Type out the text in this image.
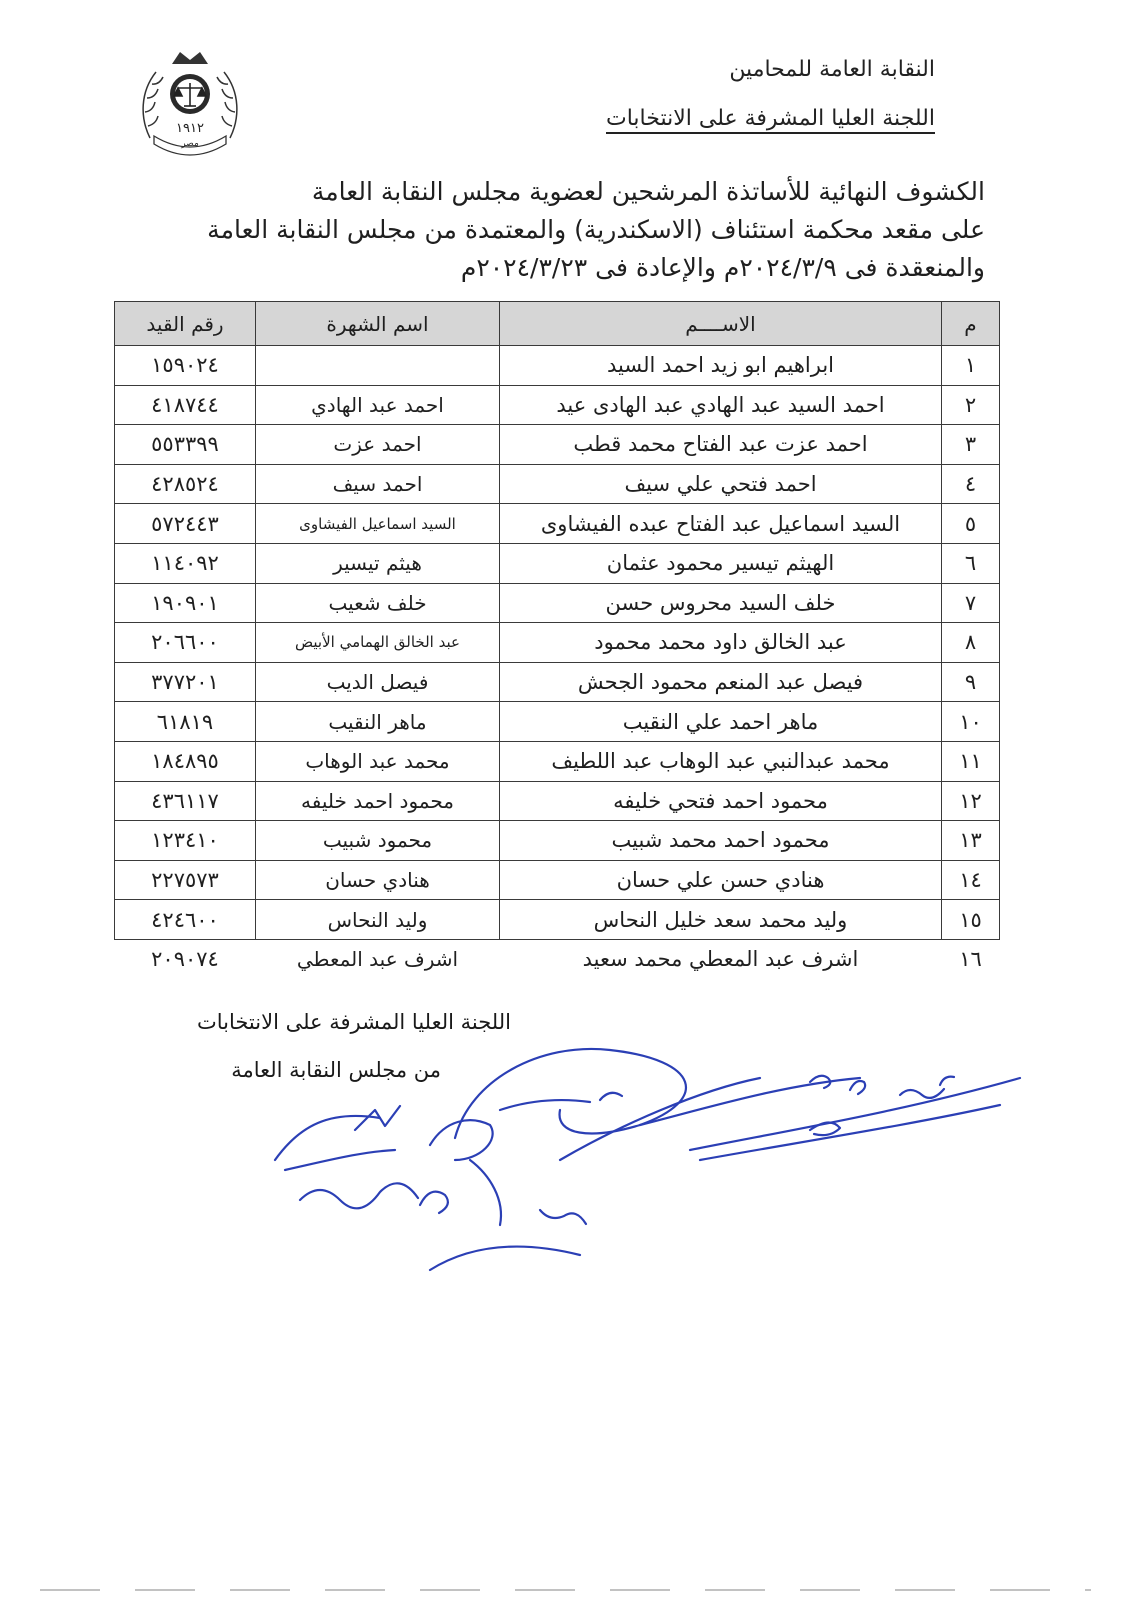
١٩١٢
مصر
النقابة العامة للمحامين
اللجنة العليا المشرفة على الانتخابات
الكشوف النهائية للأساتذة المرشحين لعضوية مجلس النقابة العامة
على مقعد محكمة استئناف (الاسكندرية) والمعتمدة من مجلس النقابة العامة
والمنعقدة فى ٢٠٢٤/٣/٩م والإعادة فى ٢٠٢٤/٣/٢٣م
م	الاســــم	اسم الشهرة	رقم القيد
١	ابراهيم ابو زيد احمد السيد		١٥٩٠٢٤
٢	احمد السيد عبد الهادي عبد الهادى عيد	احمد عبد الهادي	٤١٨٧٤٤
٣	احمد عزت عبد الفتاح محمد قطب	احمد عزت	٥٥٣٣٩٩
٤	احمد فتحي علي سيف	احمد سيف	٤٢٨٥٢٤
٥	السيد اسماعيل عبد الفتاح عبده الفيشاوى	السيد اسماعيل الفيشاوى	٥٧٢٤٤٣
٦	الهيثم تيسير محمود عثمان	هيثم تيسير	١١٤٠٩٢
٧	خلف السيد محروس حسن	خلف شعيب	١٩٠٩٠١
٨	عبد الخالق داود محمد محمود	عبد الخالق الهمامي الأبيض	٢٠٦٦٠٠
٩	فيصل عبد المنعم محمود الجحش	فيصل الديب	٣٧٧٢٠١
١٠	ماهر احمد علي النقيب	ماهر النقيب	٦١٨١٩
١١	محمد عبدالنبي عبد الوهاب عبد اللطيف	محمد عبد الوهاب	١٨٤٨٩٥
١٢	محمود احمد فتحي خليفه	محمود احمد خليفه	٤٣٦١١٧
١٣	محمود احمد محمد شبيب	محمود شبيب	١٢٣٤١٠
١٤	هنادي حسن علي حسان	هنادي حسان	٢٢٧٥٧٣
١٥	وليد محمد سعد خليل النحاس	وليد النحاس	٤٢٤٦٠٠
١٦	اشرف عبد المعطي محمد سعيد	اشرف عبد المعطي	٢٠٩٠٧٤
اللجنة العليا المشرفة على الانتخابات
من مجلس النقابة العامة
